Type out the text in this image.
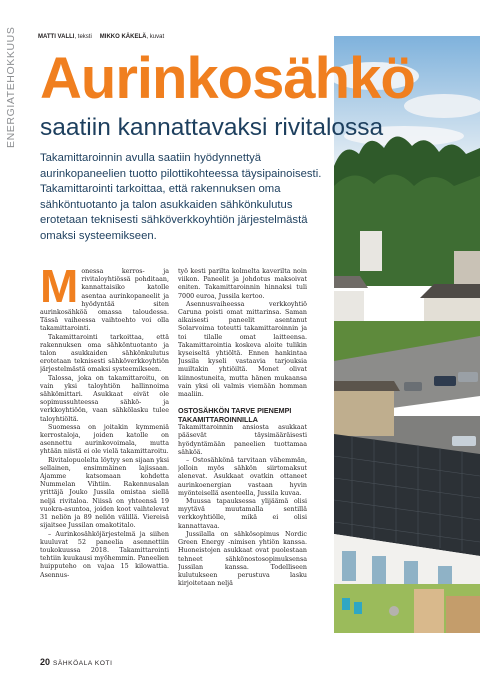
ENERGIATEHOKKUUS	MATTI VALLI, teksti MIKKO KÄKELÄ, kuvat
Aurinkosähkö
saatiin kannattavaksi rivitalossa

Takamittaroinnin avulla saatiin hyödynnettyä aurinkopaneelien tuotto pilottikohteessa täysipainoisesti. Takamittarointi tarkoittaa, että rakennuksen oma sähköntuotanto ja talon asukkaiden sähkönkulutus erotetaan teknisesti sähköverkkoyhtiön järjestelmästä omaksi systeemikseen.

Monessa kerros- ja rivitaloyhtiössä pohditaan, kannattaisiko katolle asentaa aurinkopaneelit ja hyödyntää siten aurinkosähköä omassa taloudessa. Tässä vaiheessa vaihtoehto voi olla takamittarointi.

Takamittarointi tarkoittaa, että rakennuksen oma sähköntuotanto ja talon asukkaiden sähkönkulutus erotetaan teknisesti sähköverkkoyhtiön järjestelmästä omaksi systeemikseen.

Talossa, joka on takamittaroitu, on vain yksi taloyhtiön hallinnoima sähkömittari. Asukkaat eivät ole sopimussuhteessa sähkö- ja verkkoyhtiöön, vaan sähkölasku tulee taloyhtiöltä.

Suomessa on joitakin kymmeniä kerrostaloja, joiden katolle on asennettu aurinkovoimala, mutta yhtään niistä ei ole vielä takamittaroitu.

Rivitalopuolelta löytyy sen sijaan yksi sellainen, ensimmäinen lajissaan. Ajamme katsomaan kohdetta Nummelan Vihtiin. Rakennusalan yrittäjä Jouko Jussila omistaa siellä neljä rivitaloa. Niissä on yhteensä 19 vuokra-asuntoa, joiden koot vaihtelevat 31 neliön ja 89 neliön välillä. Viereisä sijaitsee Jussilan omakotitalo.

– Aurinkosähköjärjestelmä ja siihen kuuluvat 52 paneelia asennettiin toukokuussa 2018. Takamittarointi tehtiin kuukausi myöhemmin. Paneelien huipputeho on vajaa 15 kilowattia. Asennus-

työ kesti parilta kolmelta kaverilta noin viikon. Paneelit ja johdotus maksoivat eniten. Takamittaroinnin hinnaksi tuli 7000 euroa, Jussila kertoo.

Asennusvaiheessa verkkoyhtiö Caruna poisti omat mittarinsa. Saman aikaisesti paneelit asentanut Solarvoima toteutti takamittaroinnin ja toi tilalle omat laitteensa. Takamittarointia koskeva aloite tulikin kyseiseltä yhtiöltä. Ennen hankintaa Jussila kyseli vastaavia tarjouksia muiltakin yhtiöiltä. Monet olivat kiinnostuneita, mutta hänen mukaansa vain yksi oli valmis viemään homman maaliin.

OSTOSÄHKÖN TARVE PIENEMPI TAKAMITTAROINNILLA

Takamittaroinnin ansiosta asukkaat pääsevät täysimääräisesti hyödyntämään paneelien tuottamaa sähköä.

– Ostosähkönä tarvitaan vähemmän, jolloin myös sähkön siirtomaksut alenevat. Asukkaat ovatkin ottaneet aurinkoenergian vastaan hyvin myönteisellä asenteella, Jussila kuvaa.

Muussa tapauksessa ylijäämä olisi myytävä muutamalla sentillä verkkoyhtiölle, mikä ei olisi kannattavaa.

Jussilalla on sähkösopimus Nordic Green Energy -nimisen yhtiön kanssa. Huoneistojen asukkaat ovat puolestaan tehneet sähkönostosopimuksensa Jussilan kanssa. Todelliseen kulutukseen perustuva lasku kirjoitetaan neljä

20 SÄHKÖALA KOTI
